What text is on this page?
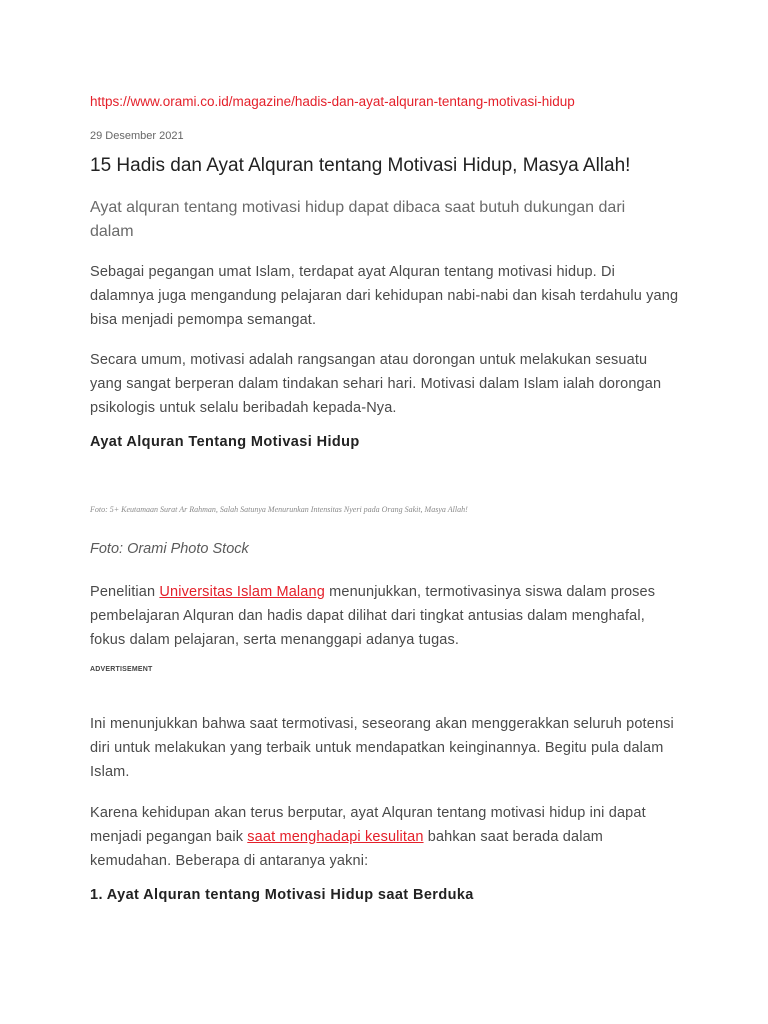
https://www.orami.co.id/magazine/hadis-dan-ayat-alquran-tentang-motivasi-hidup
29 Desember 2021
15 Hadis dan Ayat Alquran tentang Motivasi Hidup, Masya Allah!

Ayat alquran tentang motivasi hidup dapat dibaca saat butuh dukungan dari dalam

Sebagai pegangan umat Islam, terdapat ayat Alquran tentang motivasi hidup. Di dalamnya juga mengandung pelajaran dari kehidupan nabi-nabi dan kisah terdahulu yang bisa menjadi pemompa semangat.

Secara umum, motivasi adalah rangsangan atau dorongan untuk melakukan sesuatu yang sangat berperan dalam tindakan sehari hari. Motivasi dalam Islam ialah dorongan psikologis untuk selalu beribadah kepada-Nya.

Ayat Alquran Tentang Motivasi Hidup
Foto: 5+ Keutamaan Surat Ar Rahman, Salah Satunya Menurunkan Intensitas Nyeri pada Orang Sakit, Masya Allah!
Foto: Orami Photo Stock

Penelitian Universitas Islam Malang menunjukkan, termotivasinya siswa dalam proses pembelajaran Alquran dan hadis dapat dilihat dari tingkat antusias dalam menghafal, fokus dalam pelajaran, serta menanggapi adanya tugas.

ADVERTISEMENT

Ini menunjukkan bahwa saat termotivasi, seseorang akan menggerakkan seluruh potensi diri untuk melakukan yang terbaik untuk mendapatkan keinginannya. Begitu pula dalam Islam.

Karena kehidupan akan terus berputar, ayat Alquran tentang motivasi hidup ini dapat menjadi pegangan baik saat menghadapi kesulitan bahkan saat berada dalam kemudahan. Beberapa di antaranya yakni:

1. Ayat Alquran tentang Motivasi Hidup saat Berduka
